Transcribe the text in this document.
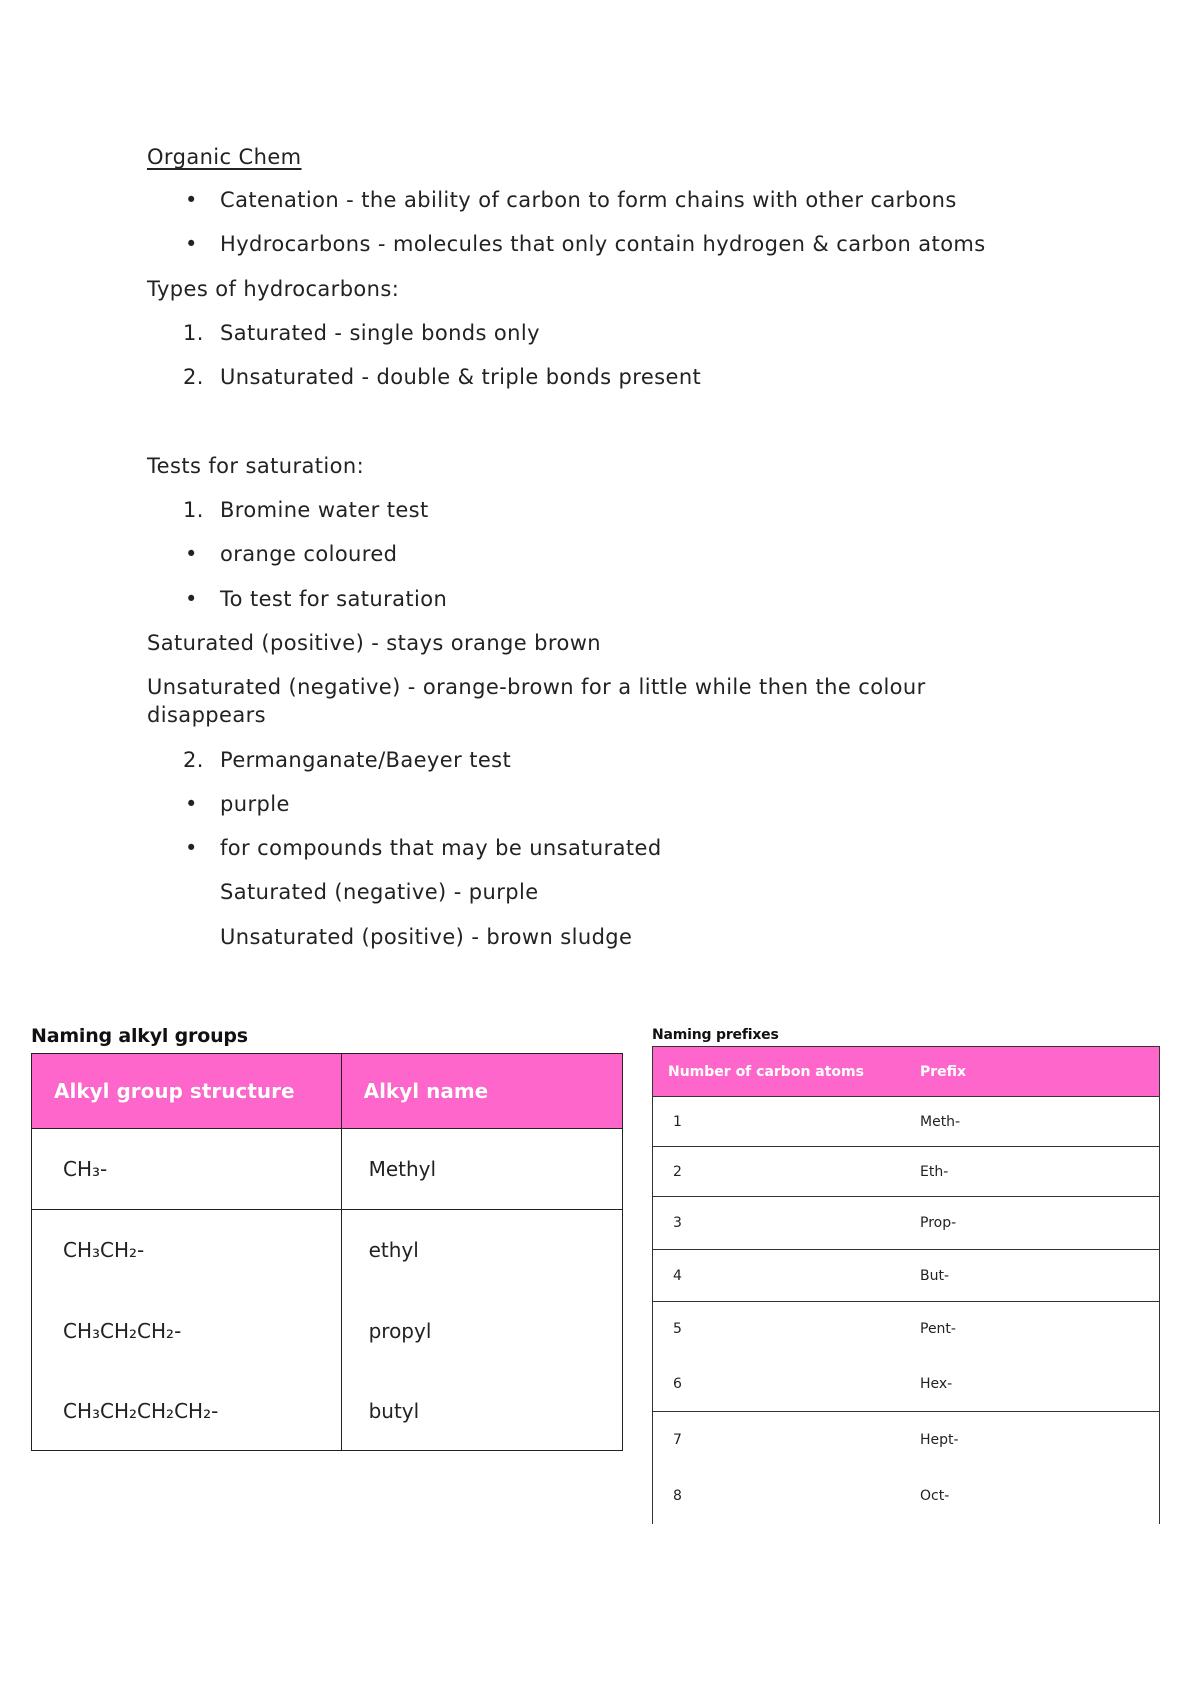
Organic Chem
•	Catenation - the ability of carbon to form chains with other carbons
•	Hydrocarbons - molecules that only contain hydrogen & carbon atoms
Types of hydrocarbons:
1. Saturated - single bonds only
2. Unsaturated - double & triple bonds present
Tests for saturation:
1. Bromine water test
•	orange coloured
•	To test for saturation
Saturated (positive) - stays orange brown
Unsaturated (negative) - orange-brown for a little while then the colour disappears
2. Permanganate/Baeyer test
•	purple
•	for compounds that may be unsaturated
Saturated (negative) - purple
Unsaturated (positive) - brown sludge
Naming alkyl groups
Alkyl group structure	Alkyl name
CH₃-	Methyl
CH₃CH₂-	ethyl
CH₃CH₂CH₂-	propyl
CH₃CH₂CH₂CH₂-	butyl
Naming prefixes
Number of carbon atoms	Prefix
1	Meth-
2	Eth-
3	Prop-
4	But-
5	Pent-
6	Hex-
7	Hept-
8	Oct-
